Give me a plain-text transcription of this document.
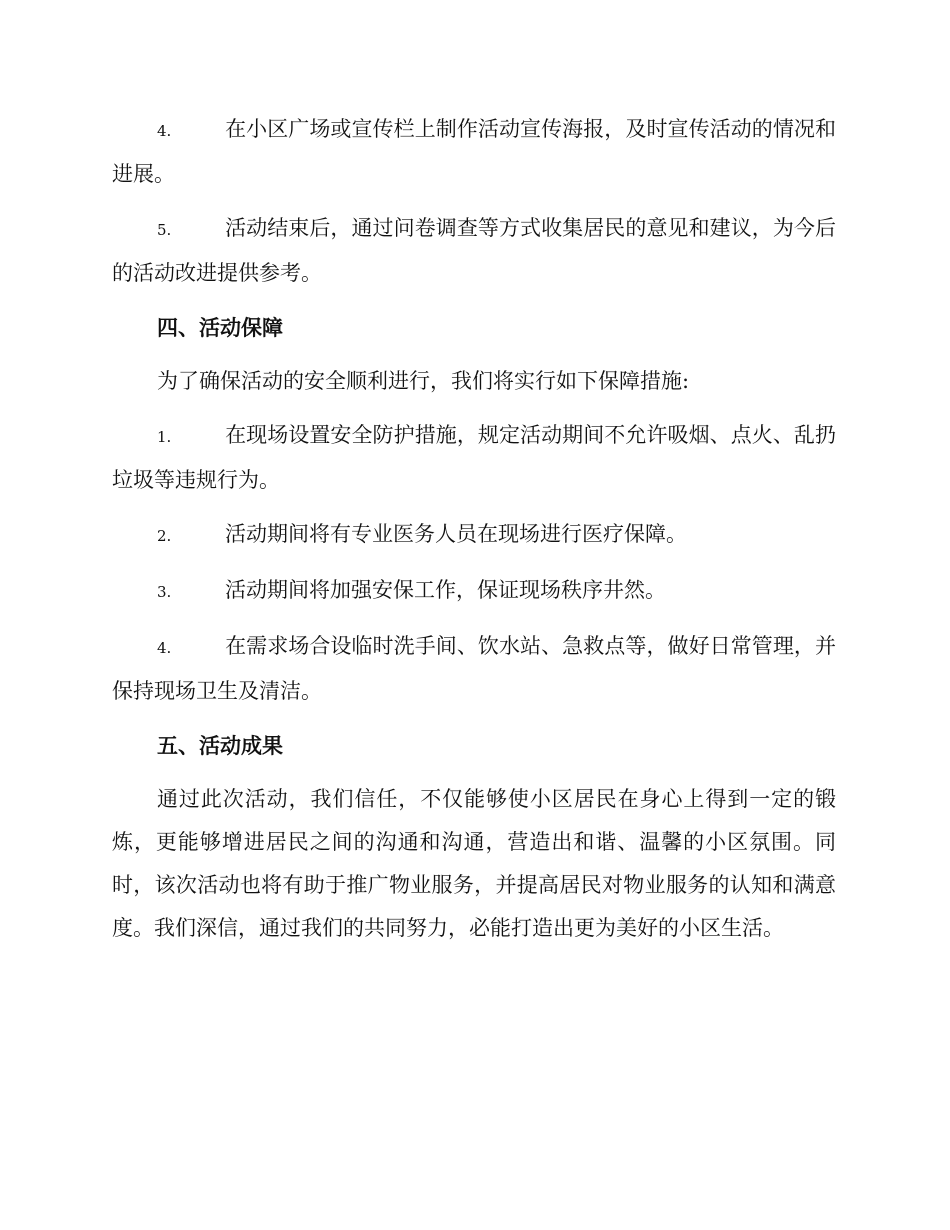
4.	在小区广场或宣传栏上制作活动宣传海报，及时宣传活动的情况和进展。

5.	活动结束后，通过问卷调查等方式收集居民的意见和建议，为今后的活动改进提供参考。

四、活动保障

为了确保活动的安全顺利进行，我们将实行如下保障措施:

1.	在现场设置安全防护措施，规定活动期间不允许吸烟、点火、乱扔垃圾等违规行为。

2.	活动期间将有专业医务人员在现场进行医疗保障。

3.	活动期间将加强安保工作，保证现场秩序井然。

4.	在需求场合设临时洗手间、饮水站、急救点等，做好日常管理，并保持现场卫生及清洁。

五、活动成果

通过此次活动，我们信任，不仅能够使小区居民在身心上得到一定的锻炼，更能够增进居民之间的沟通和沟通，营造出和谐、温馨的小区氛围。同时，该次活动也将有助于推广物业服务，并提高居民对物业服务的认知和满意度。我们深信，通过我们的共同努力，必能打造出更为美好的小区生活。
